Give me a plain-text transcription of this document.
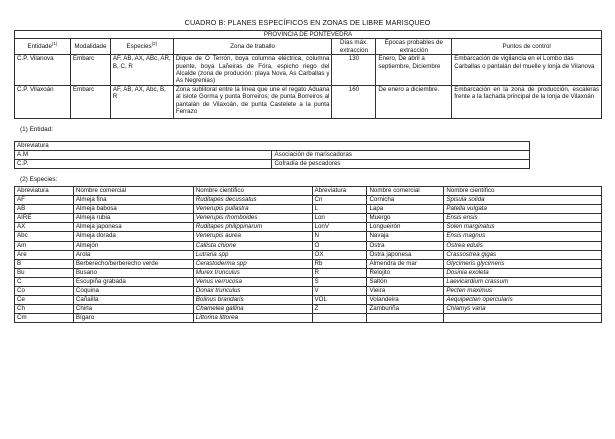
CUADRO B: PLANES ESPECÍFICOS EN ZONAS DE LIBRE MARISQUEO
PROVINCIA DE PONTEVEDRA						
Entidade$^{(1)}$	Modalidade	Especies$^{(2)}$	Zona de traballo	Días máx. extracción	Épocas probables de extracción	Puntos de control
C.P. Vilanova	Embarc	AF, AB, AX, ABc, AR, B, C, R	Dique de O Terrón, boya columna eléctrica, columna puente, boya Lañeiras de Fóra, espicho riego del Alcalde (zona de produción: playa Nova, As Carballas y As Negrenias)	130	Enero, De abril a septiembre, Diciembre	Embarcación de vigilancia en el Lombo das Carballas o pantalán del muelle y lonja de Vilanova
C.P. Vilaxoán	Embarc	AF, AB, AX, Abc, B, R	Zona sublitoral entre la línea que une el regato Aduana al islote Gorma y punta Borreiros; de punta Borreiros al pantalán de Vilaxoán, de punta Castelete a la punta Ferrazo	160	De enero a diciembre.	Embarcación en la zona de producción, escaleras frente a la fachada principal de la lonja de Vilaxoán
(1) Entidad:
Abreviatura	
A.M	Asociación de mariscadoras
C.P.	Cofradía de pescadores
(2) Especies:
Abreviatura	Nombre comercial	Nombre científico	Abreviatura	Nombre comercial	Nombre científico
AF	Almeja fina	Ruditapes decussatus	Cn	Cornicha	Spisula solida
AB	Almeja babosa	Venerupis pullastra	L	Lapa	Patella vulgata
AIRE	Almeja rubia	Venerupis rhomboides	Lon	Muergo	Ensis ensis
AX	Almeja japonesa	Ruditapes philippinarum	LonV	Longueirón	Solen marginatus
Abc	Almeja dorada	Venerupis aurea	N	Navaja	Ensis magnus
Am	Almejón	Callista chione	O	Ostra	Ostrea edulis
Are	Arola	Lutraria spp	OX	Ostra japonesa	Crassostrea gigas
B	Berberecho/berberecho verde	Cerastoderma spp	Rb	Almendra de mar	Glycimeris glycimeris
Bu	Busano	Murex trunculus	R	Relojito	Dosinia exoleta
C	Escupiña grabada	Venus verrucosa	S	Saltón	Laevicardium crassum
Co	Coquina	Donax trunculus	V	Vieira	Pecten maximus
Ce	Cañailla	Bolinus brandaris	VOL	Volandeira	Aequipecten opercularis
Ch	Chirla	Chamelea gallina	Z	Zamburiña	Chlamys varia
Cm	Bígaro	Littorina littorea			
